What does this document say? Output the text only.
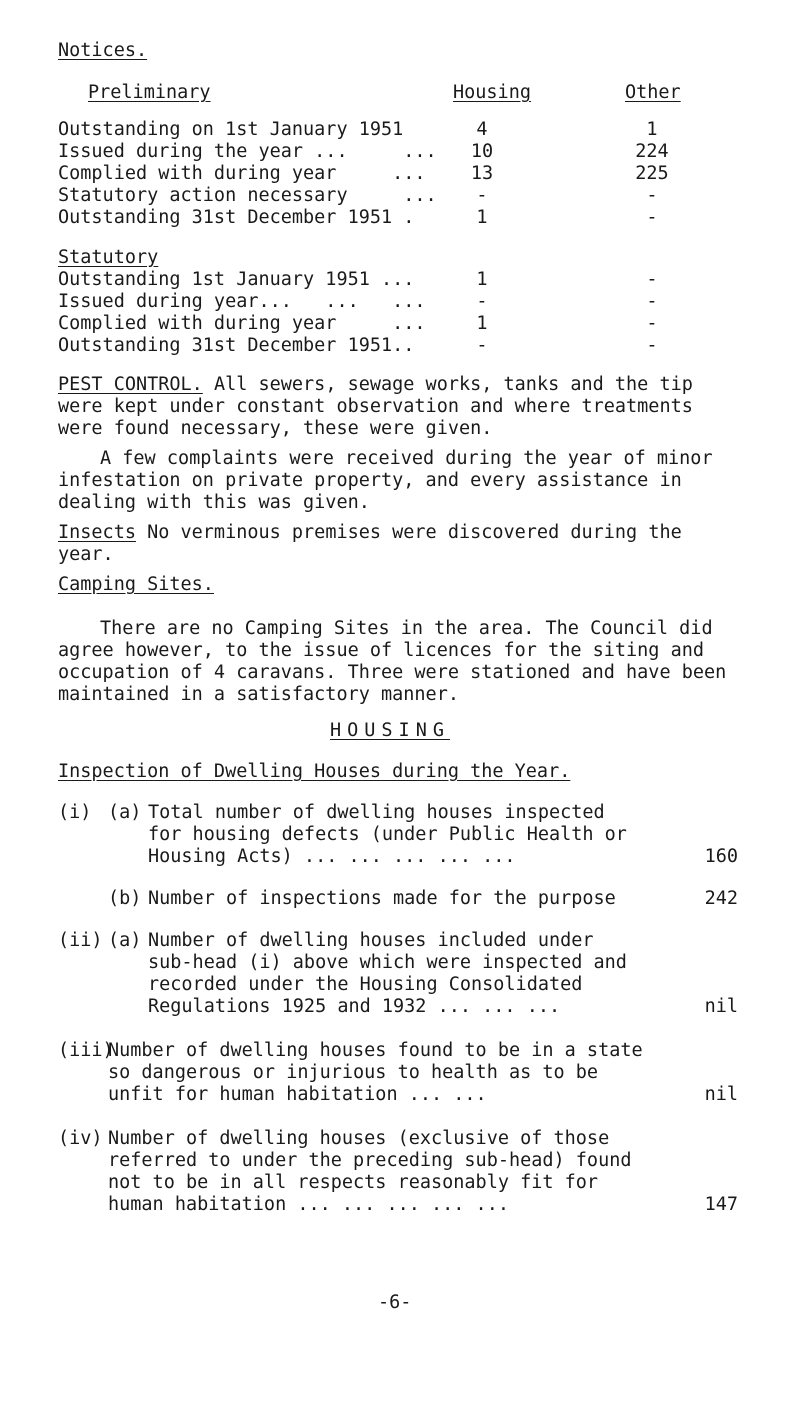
Notices.
Preliminary	Housing	Other
Outstanding on 1st January 1951	4	1
Issued during the year ...     ...	10	224
Complied with during year     ...	13	225
Statutory action necessary     ...	-	-
Outstanding 31st December 1951 .	1	-
Statutory
Outstanding 1st January 1951 ...	1	-
Issued during year...   ...   ...	-	-
Complied with during year     ...	1	-
Outstanding 31st December 1951..	-	-
PEST CONTROL. All sewers, sewage works, tanks and the tip were kept under constant observation and where treatments were found necessary, these were given.
A few complaints were received during the year of minor infestation on private property, and every assistance in dealing with this was given.
Insects No verminous premises were discovered during the year.
Camping Sites.
There are no Camping Sites in the area. The Council did agree however, to the issue of licences for the siting and occupation of 4 caravans. Three were stationed and have been maintained in a satisfactory manner.
HOUSING
Inspection of Dwelling Houses during the Year.
(i) (a) Total number of dwelling houses inspected for housing defects (under Public Health or Housing Acts) ... ... ... ... ...	160
(b) Number of inspections made for the purpose	242
(ii) (a) Number of dwelling houses included under sub-head (i) above which were inspected and recorded under the Housing Consolidated Regulations 1925 and 1932 ... ... ...	nil
(iii)
Number of dwelling houses found to be in a state so dangerous or injurious to health as to be unfit for human habitation ... ...	nil
(iv) Number of dwelling houses (exclusive of those referred to under the preceding sub-head) found not to be in all respects reasonably fit for human habitation ... ... ... ... ...	147
-6-
